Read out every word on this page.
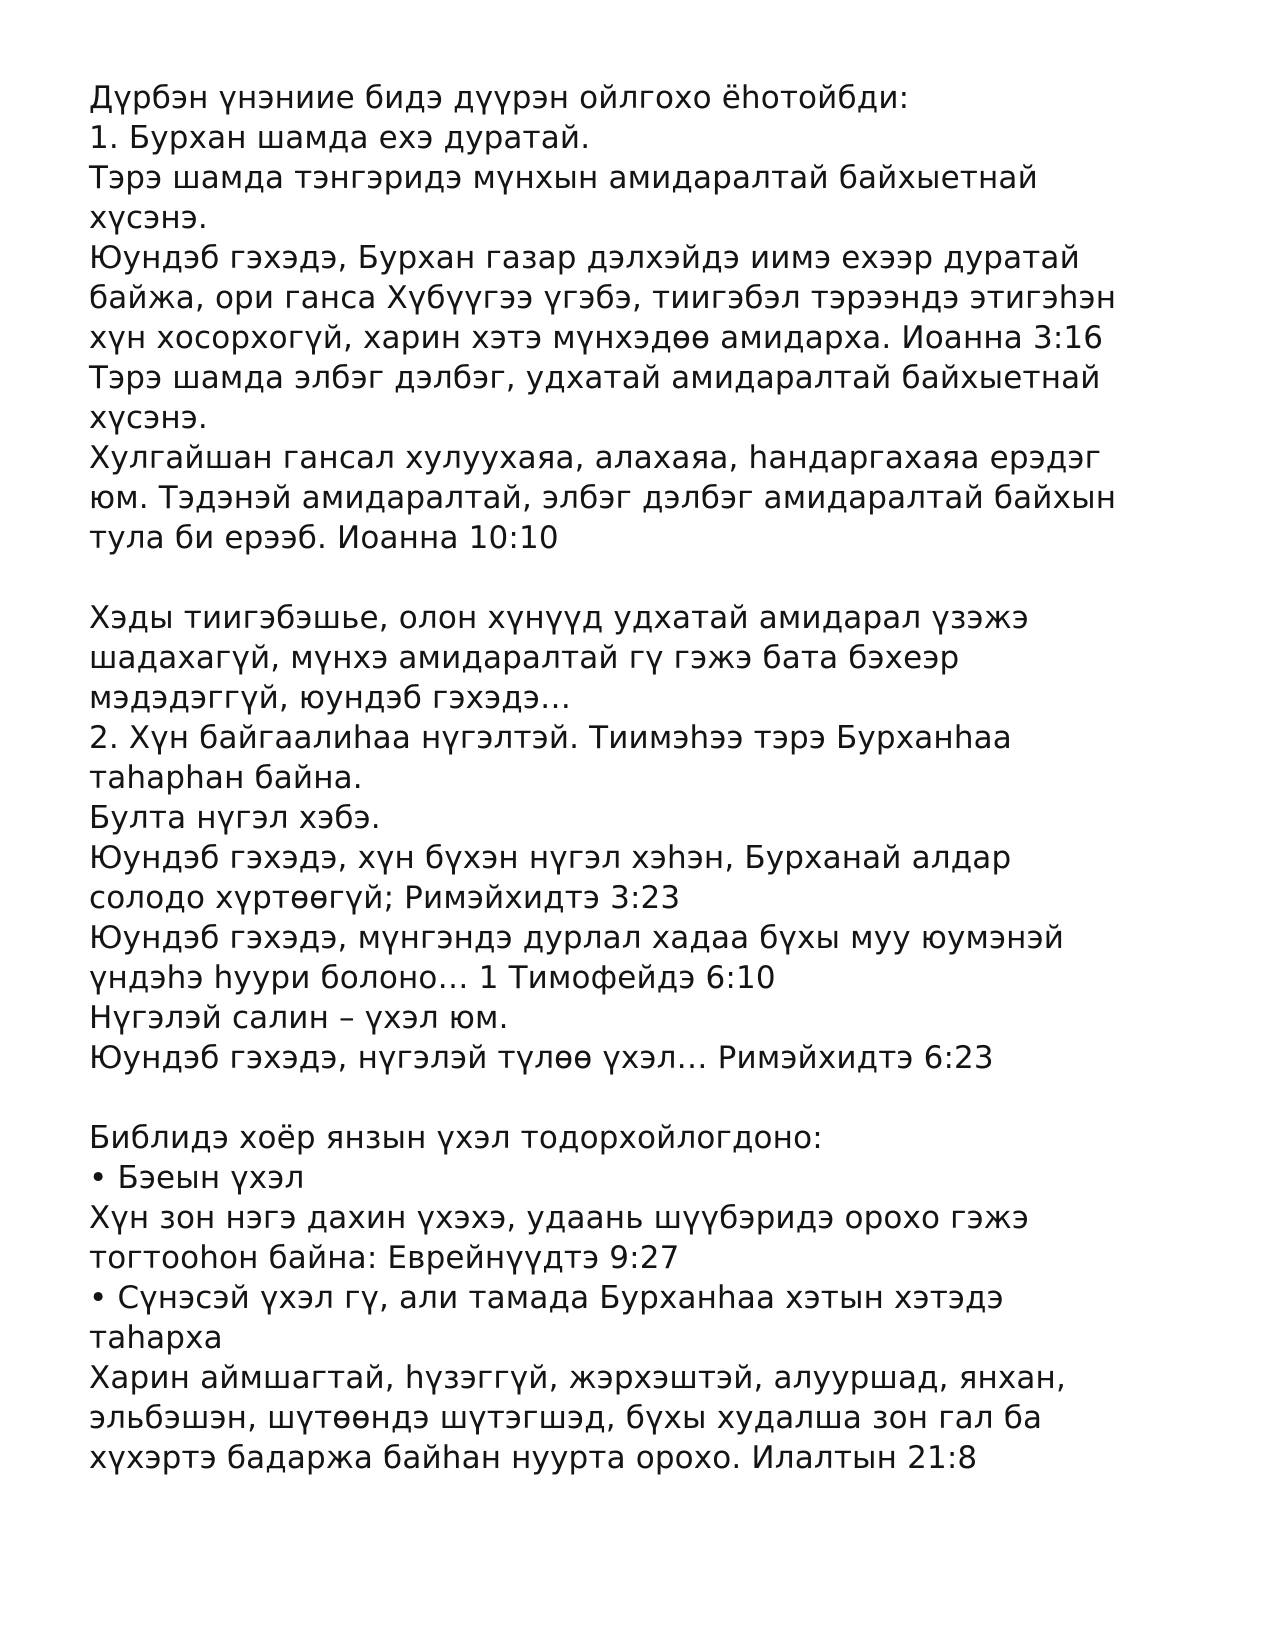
Дүрбэн үнэниие бидэ дүүрэн ойлгохо ёһотойбди:
1. Бурхан шамда ехэ дуратай.
Тэрэ шамда тэнгэридэ мүнхын амидаралтай байхыетнай
хүсэнэ.
Юундэб гэхэдэ, Бурхан газар дэлхэйдэ иимэ ехээр дуратай
байжа, ори ганса Хүбүүгээ үгэбэ, тиигэбэл тэрээндэ этигэһэн
хүн хосорхогүй, харин хэтэ мүнхэдөө амидарха. Иоанна 3:16
Тэрэ шамда элбэг дэлбэг, удхатай амидаралтай байхыетнай
хүсэнэ.
Хулгайшан гансал хулуухаяа, алахаяа, һандаргахаяа ерэдэг
юм. Тэдэнэй амидаралтай, элбэг дэлбэг амидаралтай байхын
тула би ерээб. Иоанна 10:10
Хэды тиигэбэшье, олон хүнүүд удхатай амидарал үзэжэ
шадахагүй, мүнхэ амидаралтай гү гэжэ бата бэхеэр
мэдэдэггүй, юундэб гэхэдэ…
2. Хүн байгаалиһаа нүгэлтэй. Тиимэһээ тэрэ Бурханһаа
таһарһан байна.
Булта нүгэл хэбэ.
Юундэб гэхэдэ, хүн бүхэн нүгэл хэһэн, Бурханай алдар
солодо хүртөөгүй; Римэйхидтэ 3:23
Юундэб гэхэдэ, мүнгэндэ дурлал хадаа бүхы муу юумэнэй
үндэһэ һуури болоно… 1 Тимофейдэ 6:10
Нүгэлэй салин – үхэл юм.
Юундэб гэхэдэ, нүгэлэй түлөө үхэл… Римэйхидтэ 6:23
Библидэ хоёр янзын үхэл тодорхойлогдоно:
• Бэеын үхэл
Хүн зон нэгэ дахин үхэхэ, удаань шүүбэридэ орохо гэжэ
тогтооһон байна: Еврейнүүдтэ 9:27
• Сүнэсэй үхэл гү, али тамада Бурханһаа хэтын хэтэдэ
таһарха
Харин аймшагтай, һүзэггүй, жэрхэштэй, алууршад, янхан,
эльбэшэн, шүтөөндэ шүтэгшэд, бүхы худалша зон гал ба
хүхэртэ бадаржа байһан нуурта орохо. Илалтын 21:8
